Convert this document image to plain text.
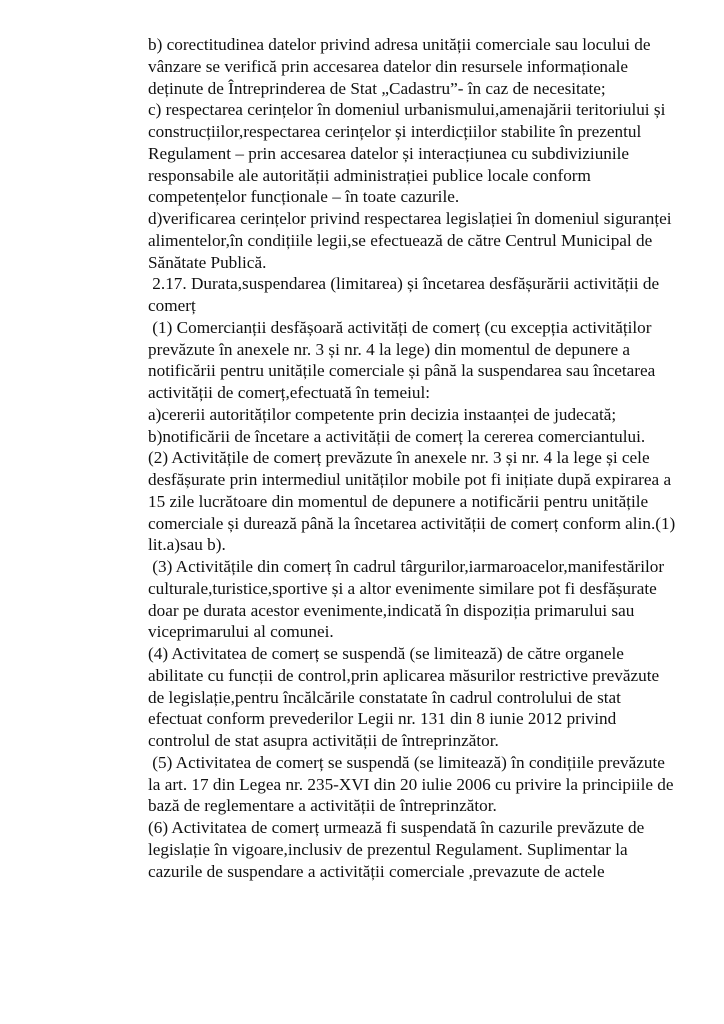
b) corectitudinea datelor privind adresa unității comerciale sau locului de
vânzare se verifică prin accesarea datelor din resursele informaționale
deținute de Întreprinderea de Stat „Cadastru”- în caz de necesitate;
c) respectarea cerințelor în domeniul urbanismului,amenajării teritoriului și
construcțiilor,respectarea cerințelor și interdicțiilor stabilite în prezentul
Regulament – prin accesarea datelor și interacțiunea cu subdiviziunile
responsabile ale autorității administrației publice locale conform
competențelor funcționale – în toate cazurile.
d)verificarea cerințelor privind respectarea legislației în domeniul siguranței
alimentelor,în condițiile legii,se efectuează de către Centrul Municipal de
Sănătate Publică.
2.17. Durata,suspendarea (limitarea) și încetarea desfășurării activității de
comerț
(1) Comercianții desfășoară activități de comerț (cu excepția activităților
prevăzute în anexele nr. 3 și nr. 4 la lege) din momentul de depunere a
notificării pentru unitățile comerciale și până la suspendarea sau încetarea
activității de comerț,efectuată în temeiul:
a)cererii autorităților competente prin decizia instaanței de judecată;
b)notificării de încetare a activității de comerț la cererea comerciantului.
(2) Activitățile de comerț prevăzute în anexele nr. 3 și nr. 4 la lege și cele
desfășurate prin intermediul unităților mobile pot fi inițiate după expirarea a
15 zile lucrătoare din momentul de depunere a notificării pentru unitățile
comerciale și durează până la încetarea activității de comerț conform alin.(1)
lit.a)sau b).
(3) Activitățile din comerț în cadrul târgurilor,iarmaroacelor,manifestărilor
culturale,turistice,sportive și a altor evenimente similare pot fi desfășurate
doar pe durata acestor evenimente,indicată în dispoziția primarului sau
viceprimarului al comunei.
(4) Activitatea de comerț se suspendă (se limitează) de către organele
abilitate cu funcții de control,prin aplicarea măsurilor restrictive prevăzute
de legislație,pentru încălcările constatate în cadrul controlului de stat
efectuat conform prevederilor Legii nr. 131 din 8 iunie 2012 privind
controlul de stat asupra activității de întreprinzător.
(5) Activitatea de comerț se suspendă (se limitează) în condițiile prevăzute
la art. 17 din Legea nr. 235-XVI din 20 iulie 2006 cu privire la principiile de
bază de reglementare a activității de întreprinzător.
(6) Activitatea de comerț urmează fi suspendată în cazurile prevăzute de
legislație în vigoare,inclusiv de prezentul Regulament. Suplimentar la
cazurile de suspendare a activității comerciale ,prevazute de actele
